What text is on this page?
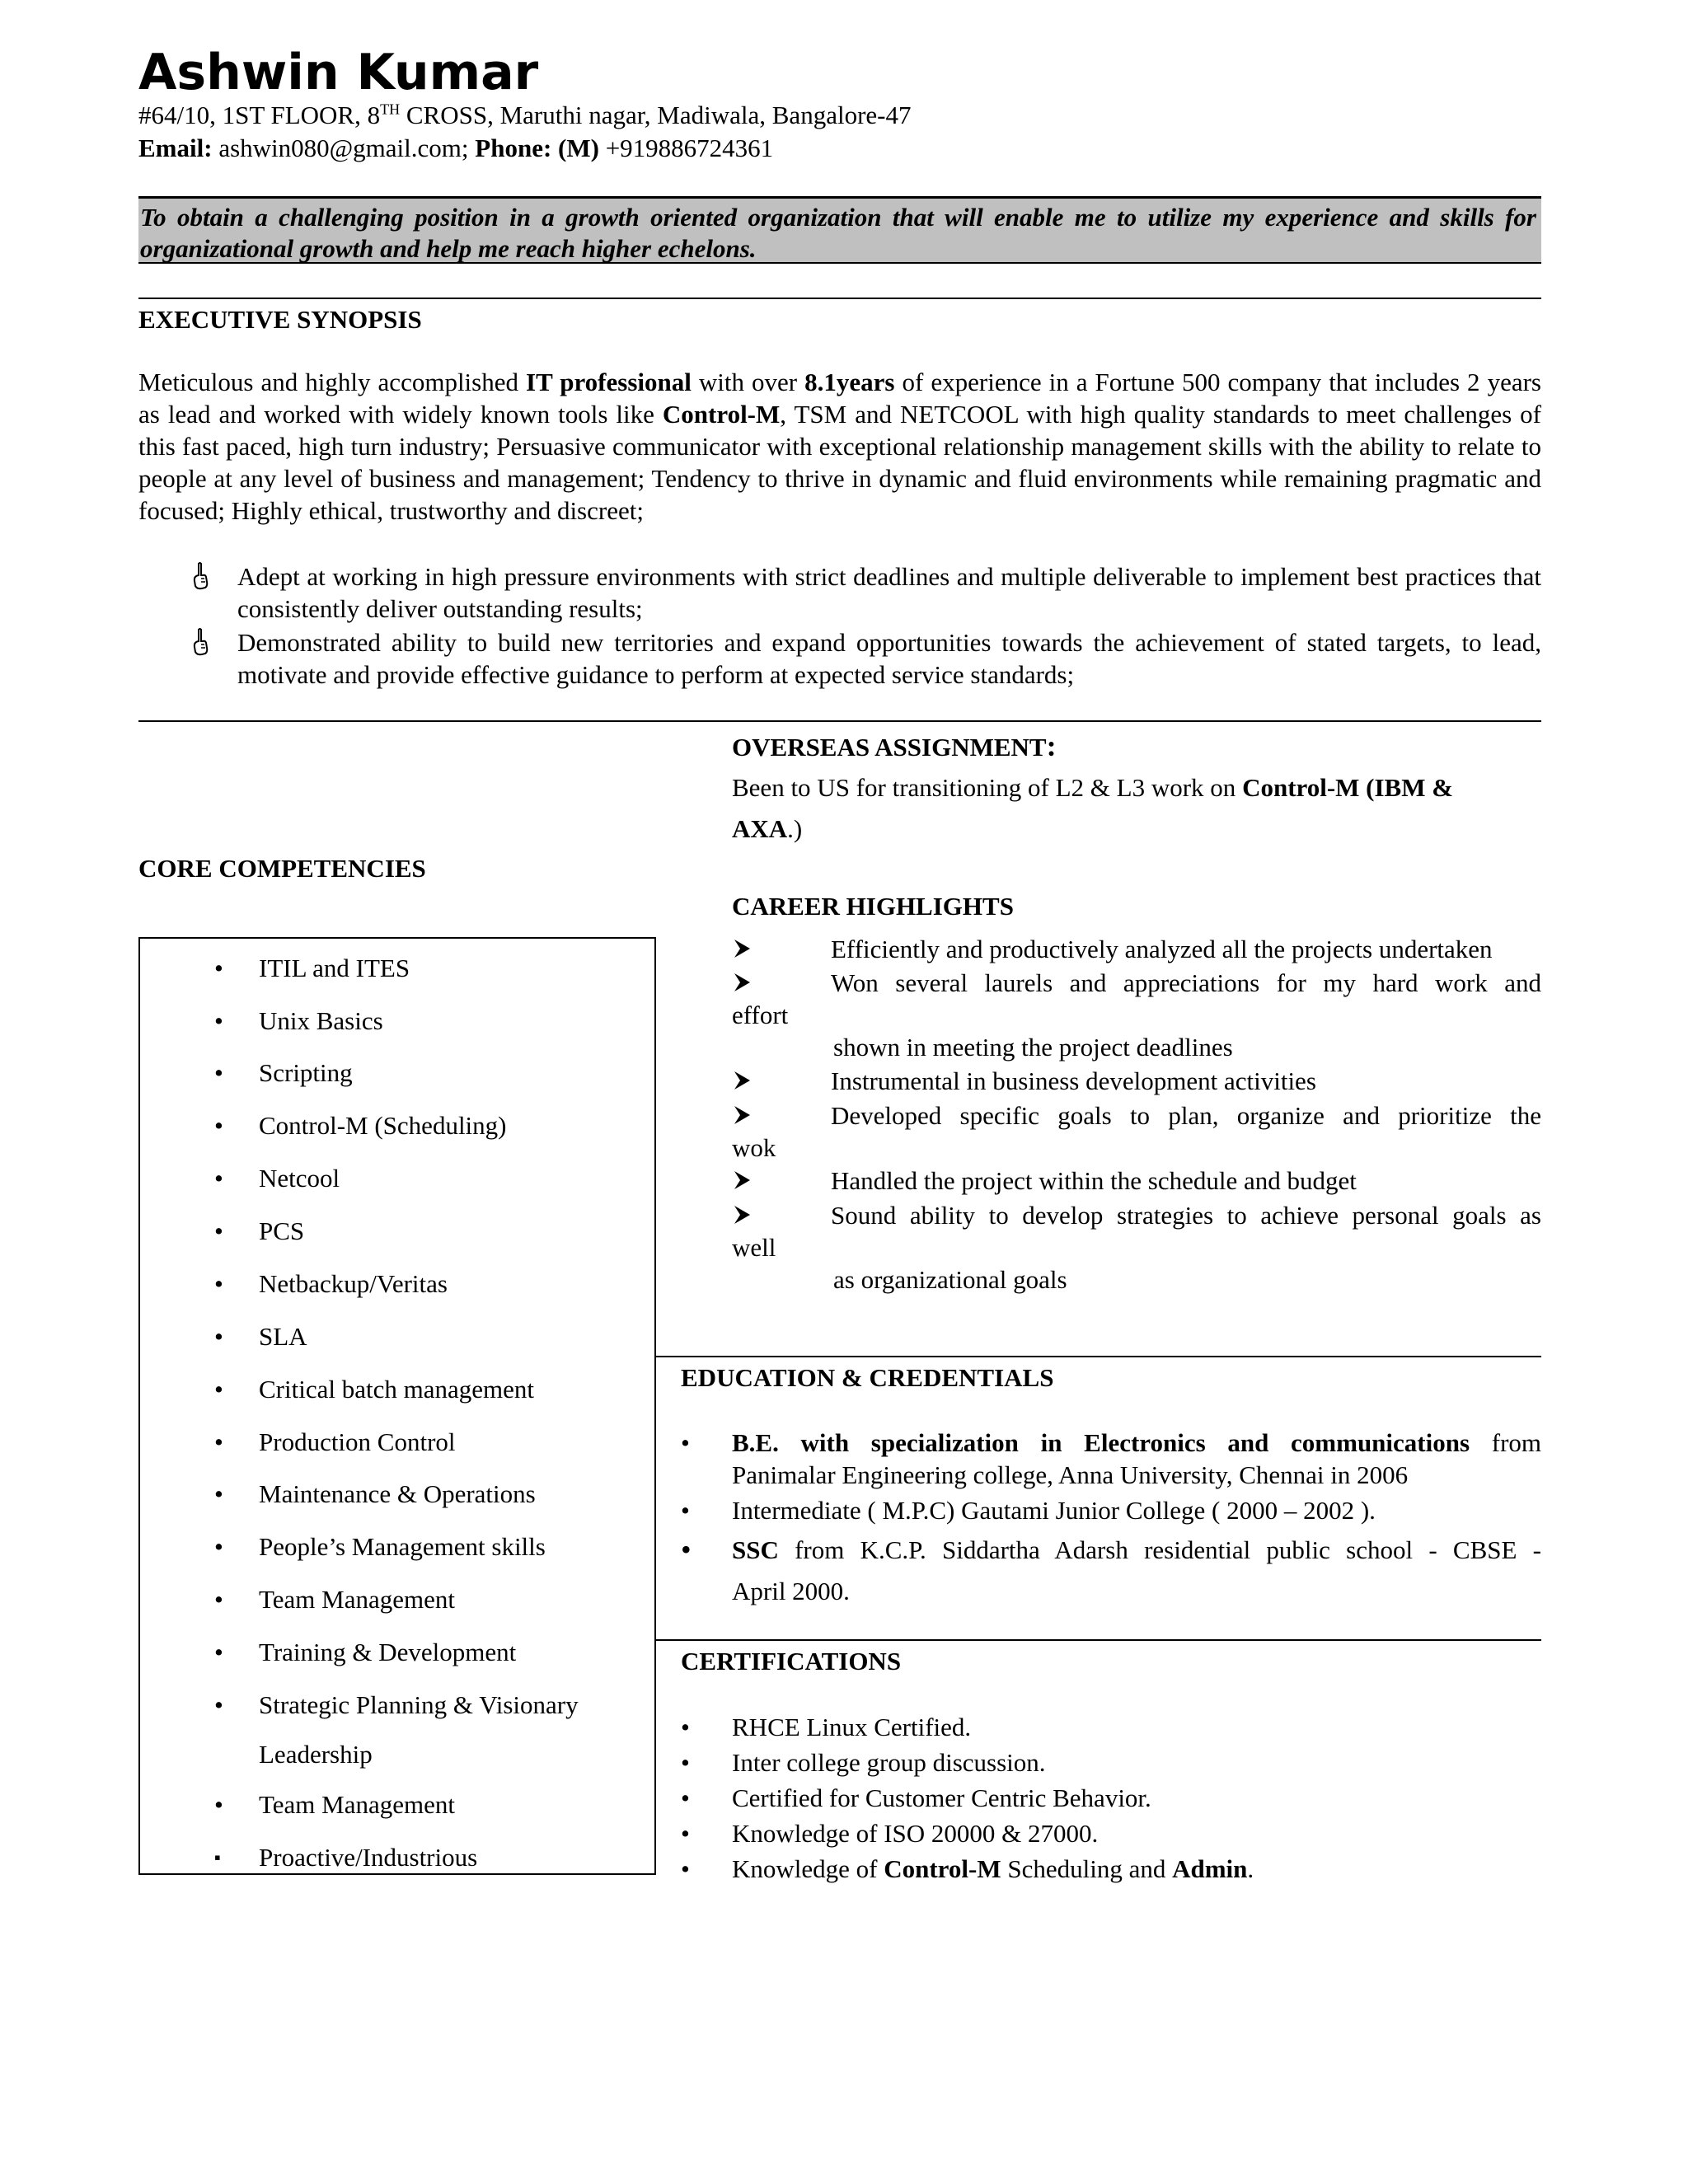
Ashwin Kumar
#64/10, 1ST FLOOR, 8TH CROSS, Maruthi nagar, Madiwala, Bangalore-47
Email: ashwin080@gmail.com; Phone: (M) +919886724361
To obtain a challenging position in a growth oriented organization that will enable me to utilize my experience and skills for organizational growth and help me reach higher echelons.
EXECUTIVE SYNOPSIS
Meticulous and highly accomplished IT professional with over 8.1years of experience in a Fortune 500 company that includes 2 years as lead and worked with widely known tools like Control-M, TSM and NETCOOL with high quality standards to meet challenges of this fast paced, high turn industry; Persuasive communicator with exceptional relationship management skills with the ability to relate to people at any level of business and management; Tendency to thrive in dynamic and fluid environments while remaining pragmatic and focused; Highly ethical, trustworthy and discreet;
Adept at working in high pressure environments with strict deadlines and multiple deliverable to implement best practices that consistently deliver outstanding results;
Demonstrated ability to build new territories and expand opportunities towards the achievement of stated targets, to lead, motivate and provide effective guidance to perform at expected service standards;
OVERSEAS ASSIGNMENT:
Been to US for transitioning of L2 & L3 work on Control-M (IBM &
AXA.)
CORE COMPETENCIES
• ITIL and ITES
• Unix Basics
• Scripting
• Control-M (Scheduling)
• Netcool
• PCS
• Netbackup/Veritas
• SLA
• Critical batch management
• Production Control
• Maintenance & Operations
• People’s Management skills
• Team Management
• Training & Development
• Strategic Planning & Visionary
Leadership
• Team Management
▪ Proactive/Industrious
CAREER HIGHLIGHTS
Efficiently and productively analyzed all the projects undertaken
Won several laurels and appreciations for my hard work and
effort
shown in meeting the project deadlines
Instrumental in business development activities
Developed specific goals to plan, organize and prioritize the
wok
Handled the project within the schedule and budget
Sound ability to develop strategies to achieve personal goals as
well
as organizational goals
EDUCATION & CREDENTIALS
• B.E. with specialization in Electronics and communications from Panimalar Engineering college, Anna University, Chennai in 2006
• Intermediate ( M.P.C) Gautami Junior College ( 2000 – 2002 ).
• SSC from K.C.P. Siddartha Adarsh residential public school - CBSE -
April 2000.
CERTIFICATIONS
• RHCE Linux Certified.
• Inter college group discussion.
• Certified for Customer Centric Behavior.
• Knowledge of ISO 20000 & 27000.
• Knowledge of Control-M Scheduling and Admin.
